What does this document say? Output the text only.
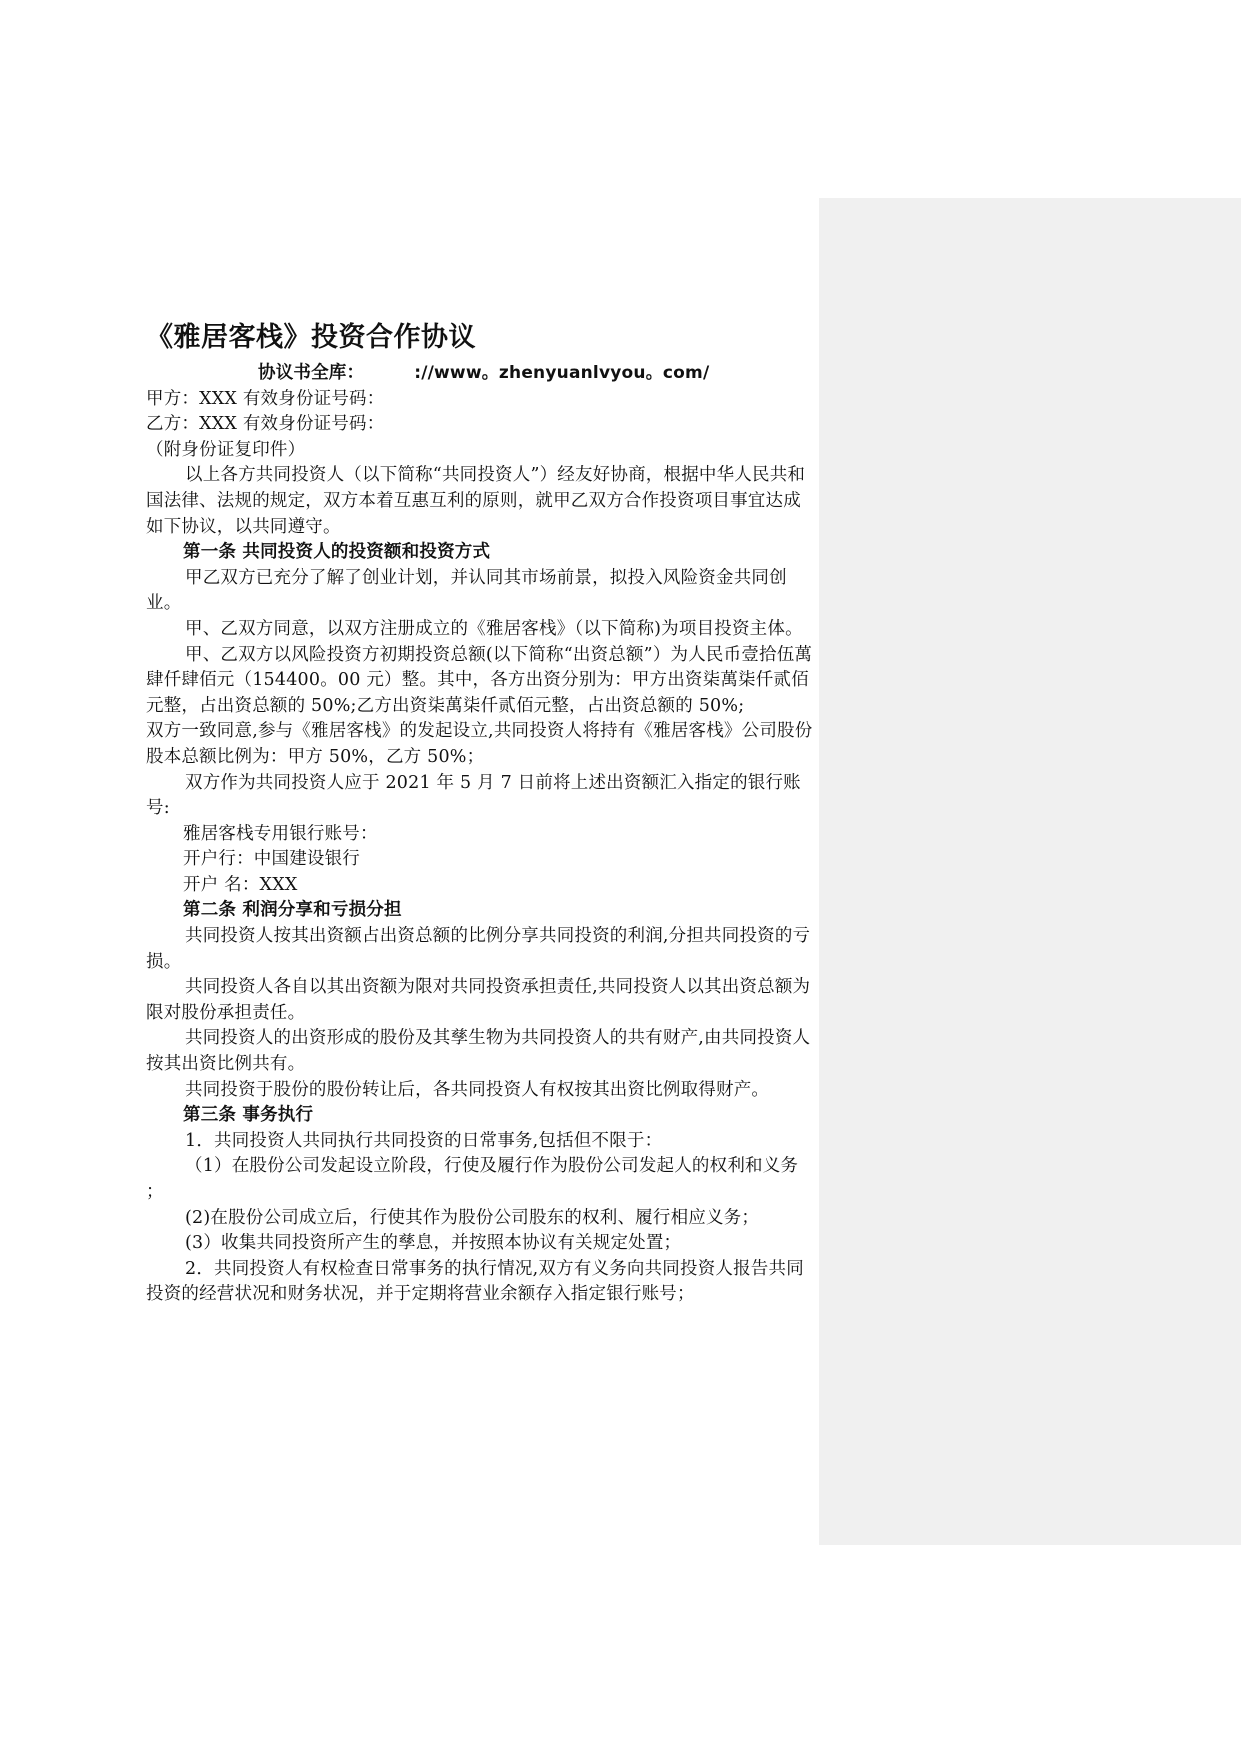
《雅居客栈》投资合作协议
协议书全库：	://www。zhenyuanlvyou。com/

甲方：XXX 有效身份证号码：

乙方：XXX 有效身份证号码：

（附身份证复印件）

以上各方共同投资人（以下简称“共同投资人”）经友好协商，根据中华人民共和国法律、法规的规定，双方本着互惠互利的原则，就甲乙双方合作投资项目事宜达成如下协议，以共同遵守。

第一条 共同投资人的投资额和投资方式

甲乙双方已充分了解了创业计划，并认同其市场前景，拟投入风险资金共同创业。

甲、乙双方同意，以双方注册成立的《雅居客栈》（以下简称)为项目投资主体。

甲、乙双方以风险投资方初期投资总额(以下简称“出资总额”）为人民币壹拾伍萬肆仟肆佰元（154400。00 元）整。其中，各方出资分别为：甲方出资柒萬柒仟贰佰元整，占出资总额的 50%;乙方出资柒萬柒仟贰佰元整，占出资总额的 50%;

双方一致同意,参与《雅居客栈》的发起设立,共同投资人将持有《雅居客栈》公司股份股本总额比例为：甲方 50%，乙方 50%；

双方作为共同投资人应于 2021 年 5 月 7 日前将上述出资额汇入指定的银行账号:

雅居客栈专用银行账号：

开户行：中国建设银行

开户 名：XXX

第二条 利润分享和亏损分担

共同投资人按其出资额占出资总额的比例分享共同投资的利润,分担共同投资的亏损。

共同投资人各自以其出资额为限对共同投资承担责任,共同投资人以其出资总额为限对股份承担责任。

共同投资人的出资形成的股份及其孳生物为共同投资人的共有财产,由共同投资人按其出资比例共有。

共同投资于股份的股份转让后，各共同投资人有权按其出资比例取得财产。

第三条 事务执行

1．共同投资人共同执行共同投资的日常事务,包括但不限于：

（1）在股份公司发起设立阶段，行使及履行作为股份公司发起人的权利和义务 ；

(2)在股份公司成立后，行使其作为股份公司股东的权利、履行相应义务；

(3）收集共同投资所产生的孳息，并按照本协议有关规定处置；

2．共同投资人有权检查日常事务的执行情况,双方有义务向共同投资人报告共同投资的经营状况和财务状况，并于定期将营业余额存入指定银行账号；
